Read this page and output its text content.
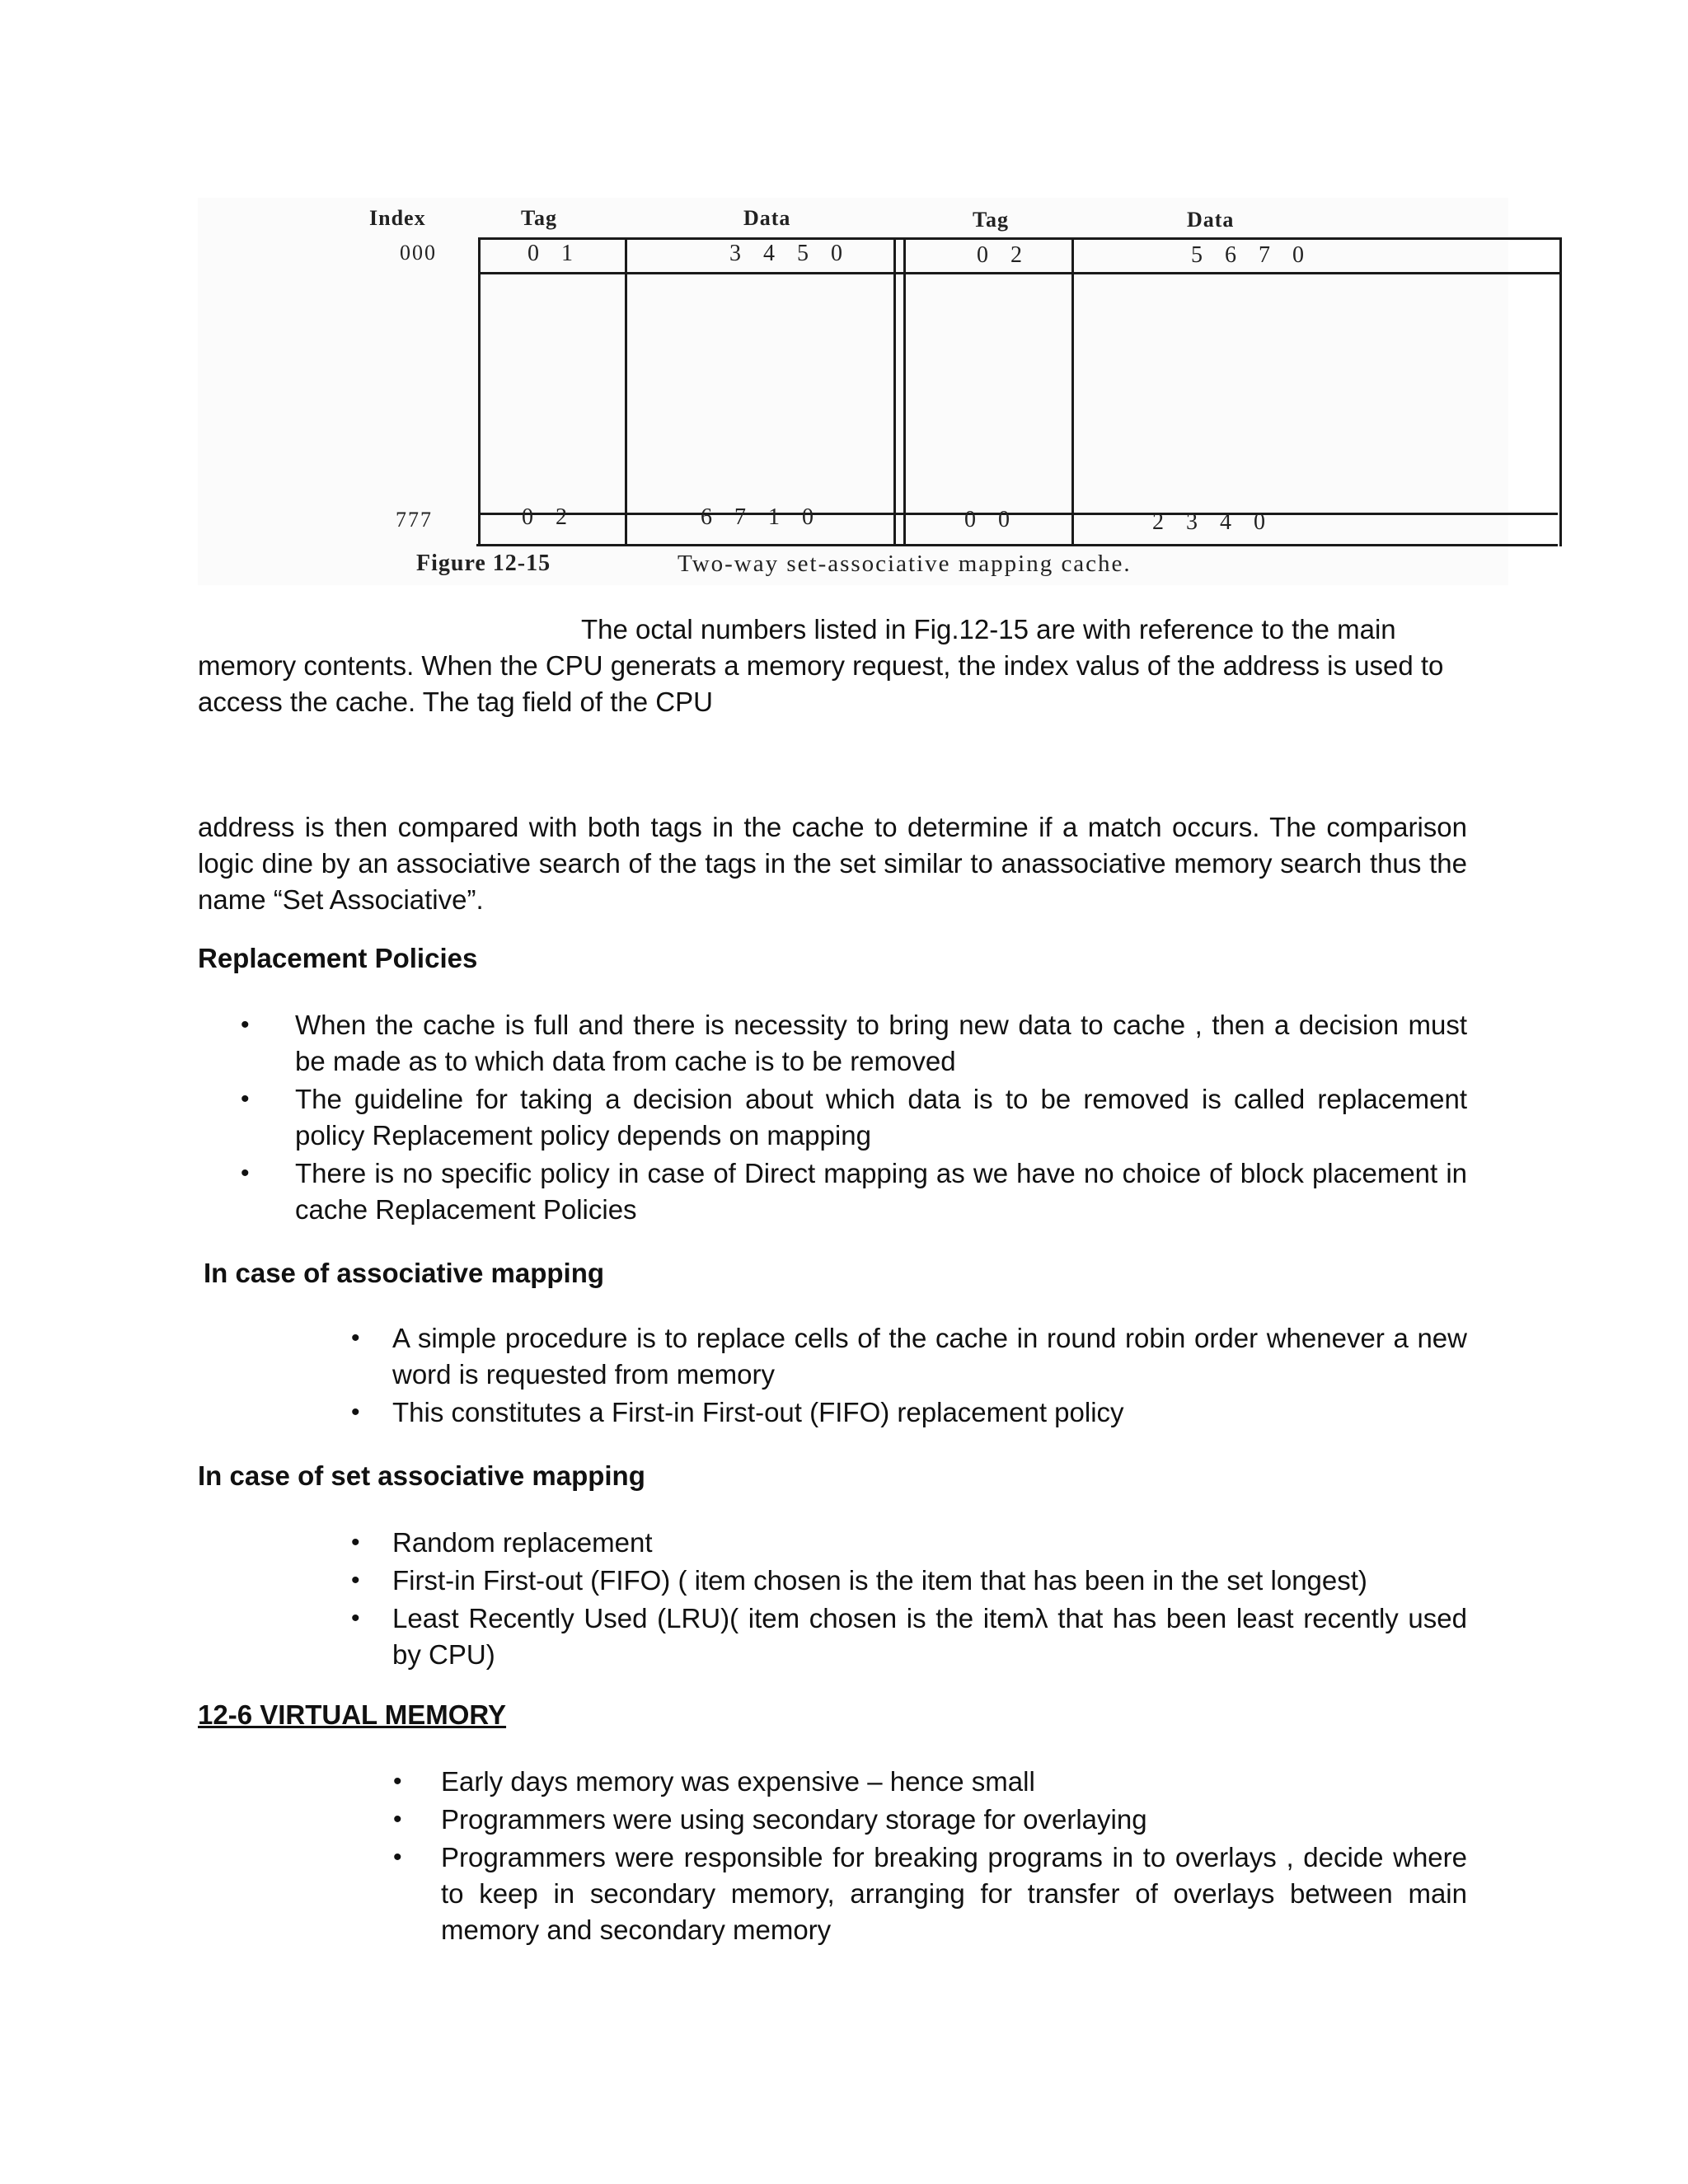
Index	Tag	Data	Tag	Data
000	0 1	3 4 5 0	0 2	5 6 7 0
777	0 2	6 7 1 0	0 0	2 3 4 0
Figure 12-15	Two-way set-associative mapping cache.
The octal numbers listed in Fig.12-15 are with reference to the main
memory contents. When the CPU generats a memory request, the index valus of the address is used to access the cache. The tag field of the CPU
address is then compared with both tags in the cache to determine if a match occurs. The comparison logic dine by an associative search of the tags in the set similar to anassociative memory search thus the name “Set Associative”.
Replacement Policies
• When the cache is full and there is necessity to bring new data to cache , then a decision must be made as to which data from cache is to be removed
• The guideline for taking a decision about which data is to be removed is called replacement policy Replacement policy depends on mapping
• There is no specific policy in case of Direct mapping as we have no choice of block placement in cache Replacement Policies
In case of associative mapping
• A simple procedure is to replace cells of the cache in round robin order whenever a new word is requested from memory
• This constitutes a First-in First-out (FIFO) replacement policy
In case of set associative mapping
• Random replacement
• First-in First-out (FIFO) ( item chosen is the item that has been in the set longest)
• Least Recently Used (LRU)( item chosen is the itemλ that has been least recently used by CPU)
12-6 VIRTUAL MEMORY
• Early days memory was expensive – hence small
• Programmers were using secondary storage for overlaying
• Programmers were responsible for breaking programs in to overlays , decide where to keep in secondary memory, arranging for transfer of overlays between main memory and secondary memory
